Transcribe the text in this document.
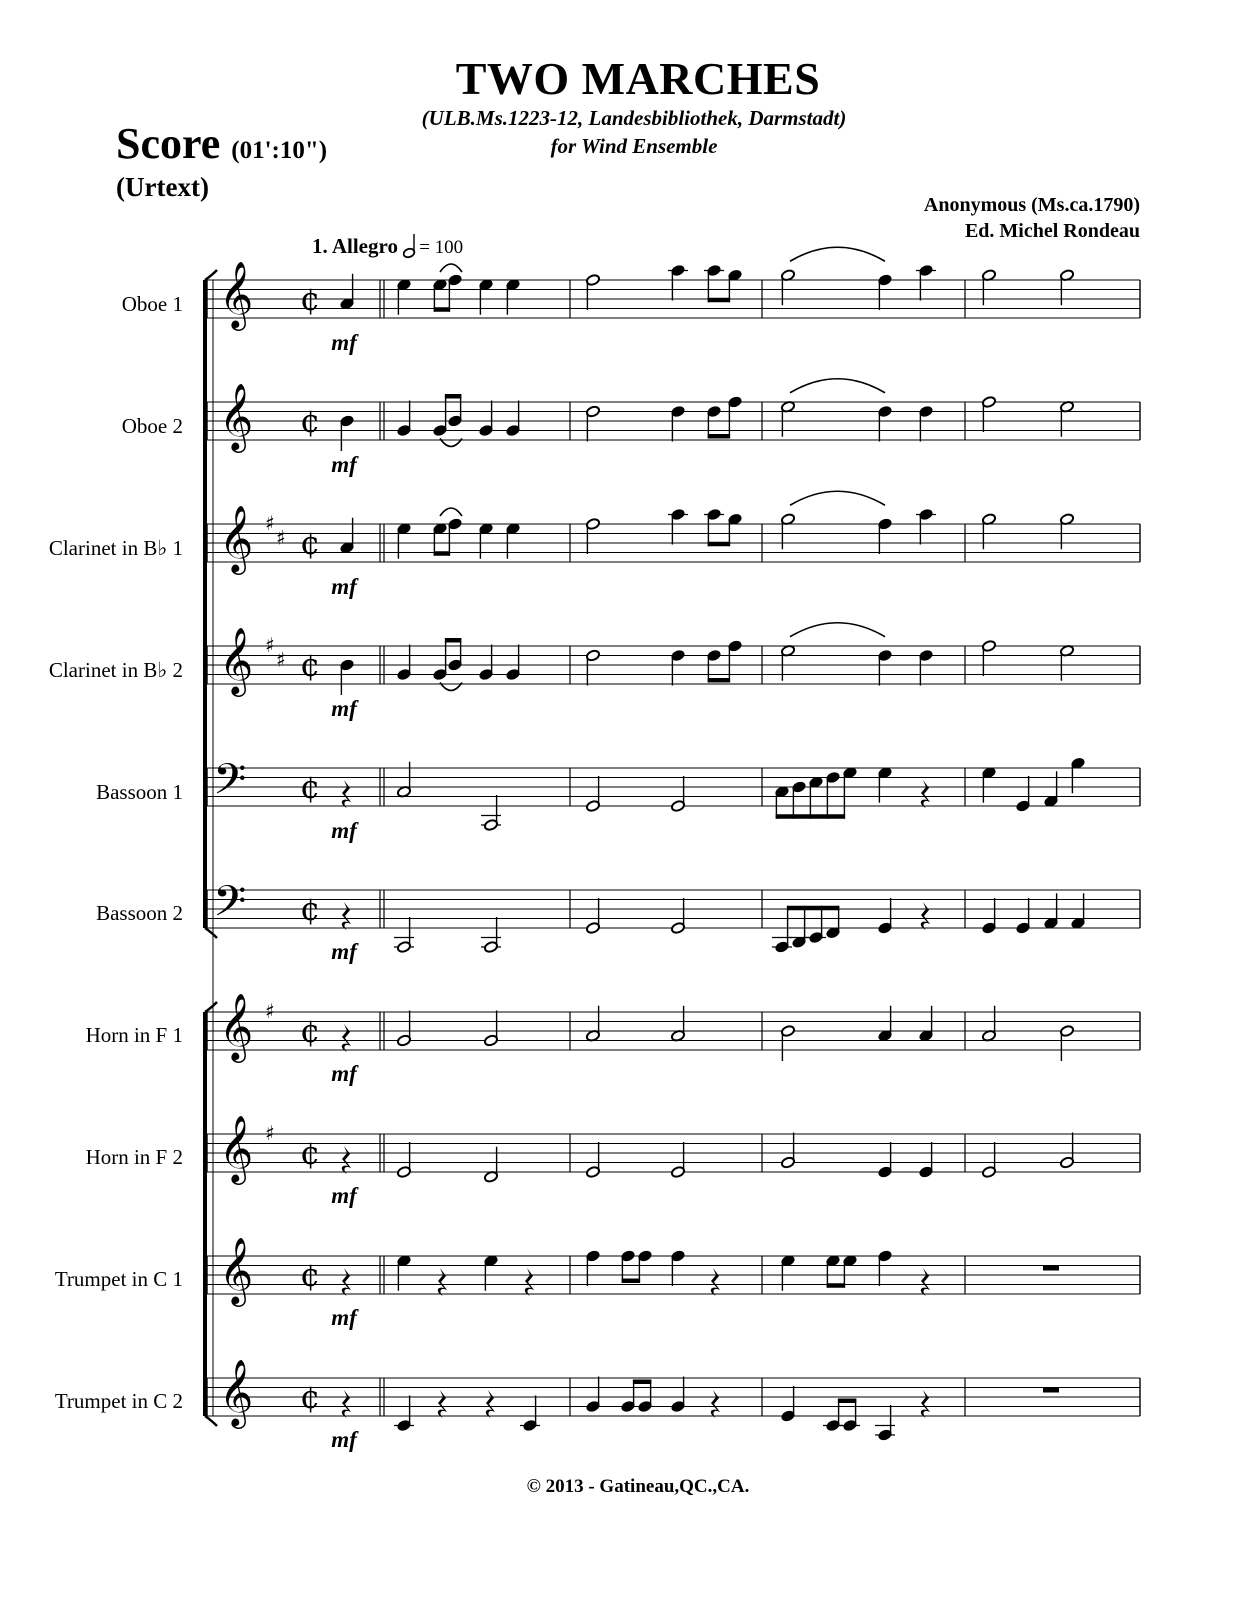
TWO MARCHES
(ULB.Ms.1223-12, Landesbibliothek, Darmstadt)
for Wind Ensemble
Score (01':10")
(Urtext)
Anonymous (Ms.ca.1790)
Ed. Michel Rondeau
1. Allegro = 100
Oboe 1
Oboe 2
Clarinet in B♭ 1
Clarinet in B♭ 2
Bassoon 1
Bassoon 2
Horn in F 1
Horn in F 2
Trumpet in C 1
Trumpet in C 2
mf
mf
mf
mf
mf
mf
mf
mf
mf
mf
𝄞 ¢
𝄞 ¢
𝄞 ♯
♯ ¢
𝄞 ♯
♯ ¢
𝄢 ¢
𝄢 ¢
𝄞 ♯
¢
𝄞 ♯
¢
𝄞 ¢
𝄞 ¢
© 2013 - Gatineau,QC.,CA.
